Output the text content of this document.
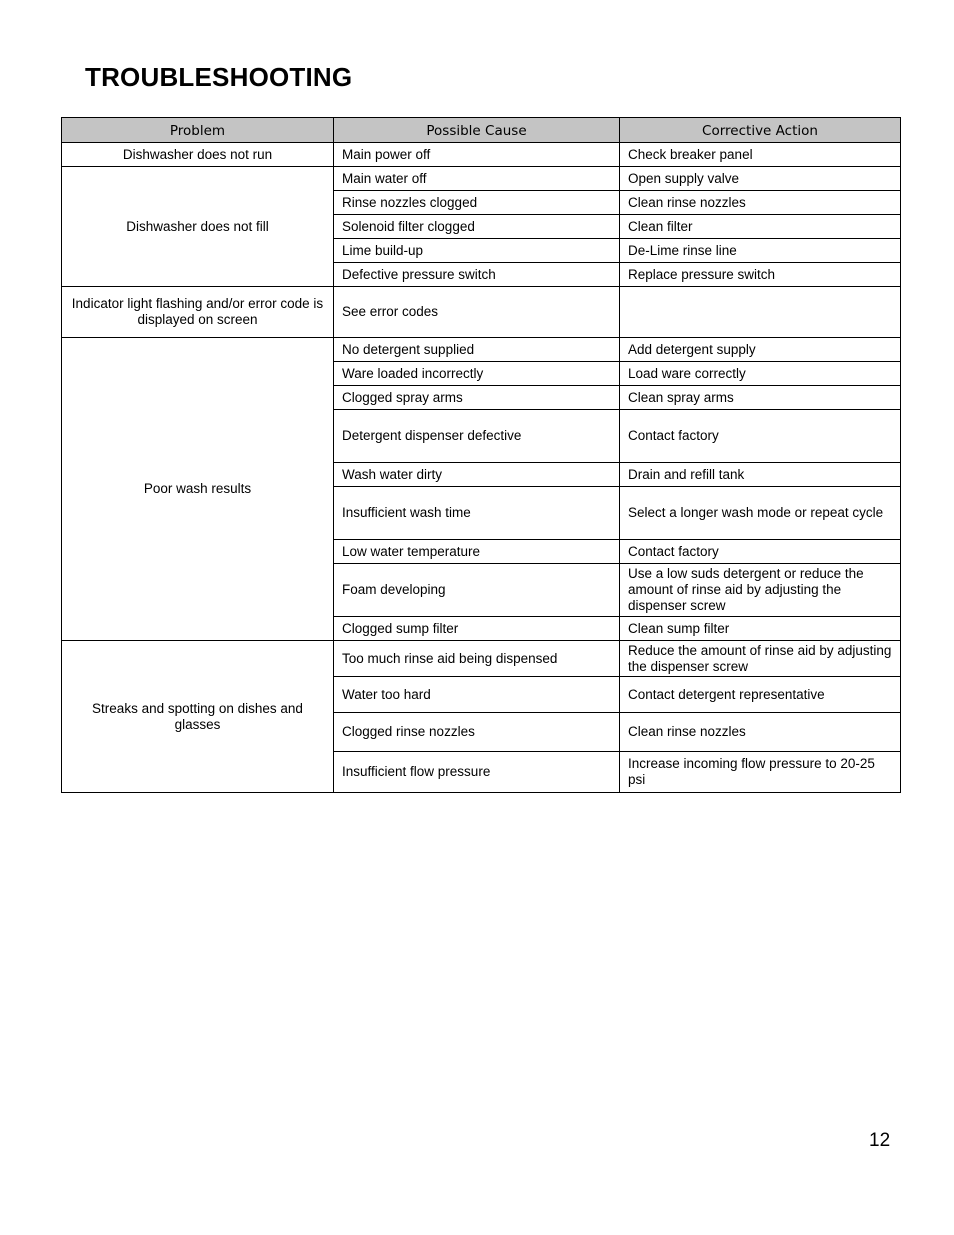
TROUBLESHOOTING
Problem	Possible Cause	Corrective Action
Dishwasher does not run	Main power off	Check breaker panel
Dishwasher does not fill	Main water off	Open supply valve
	Rinse nozzles clogged	Clean rinse nozzles
	Solenoid filter clogged	Clean filter
	Lime build-up	De-Lime rinse line
	Defective pressure switch	Replace pressure switch
Indicator light flashing and/or error code is displayed on screen	See error codes	
Poor wash results	No detergent supplied	Add detergent supply
	Ware loaded incorrectly	Load ware correctly
	Clogged spray arms	Clean spray arms
	Detergent dispenser defective	Contact factory
	Wash water dirty	Drain and refill tank
	Insufficient wash time	Select a longer wash mode or repeat cycle
	Low water temperature	Contact factory
	Foam developing	Use a low suds detergent or reduce the amount of rinse aid by adjusting the dispenser screw
	Clogged sump filter	Clean sump filter
Streaks and spotting on dishes and glasses	Too much rinse aid being dispensed	Reduce the amount of rinse aid by adjusting the dispenser screw
	Water too hard	Contact detergent representative
	Clogged rinse nozzles	Clean rinse nozzles
	Insufficient flow pressure	Increase incoming flow pressure to 20-25 psi
12
